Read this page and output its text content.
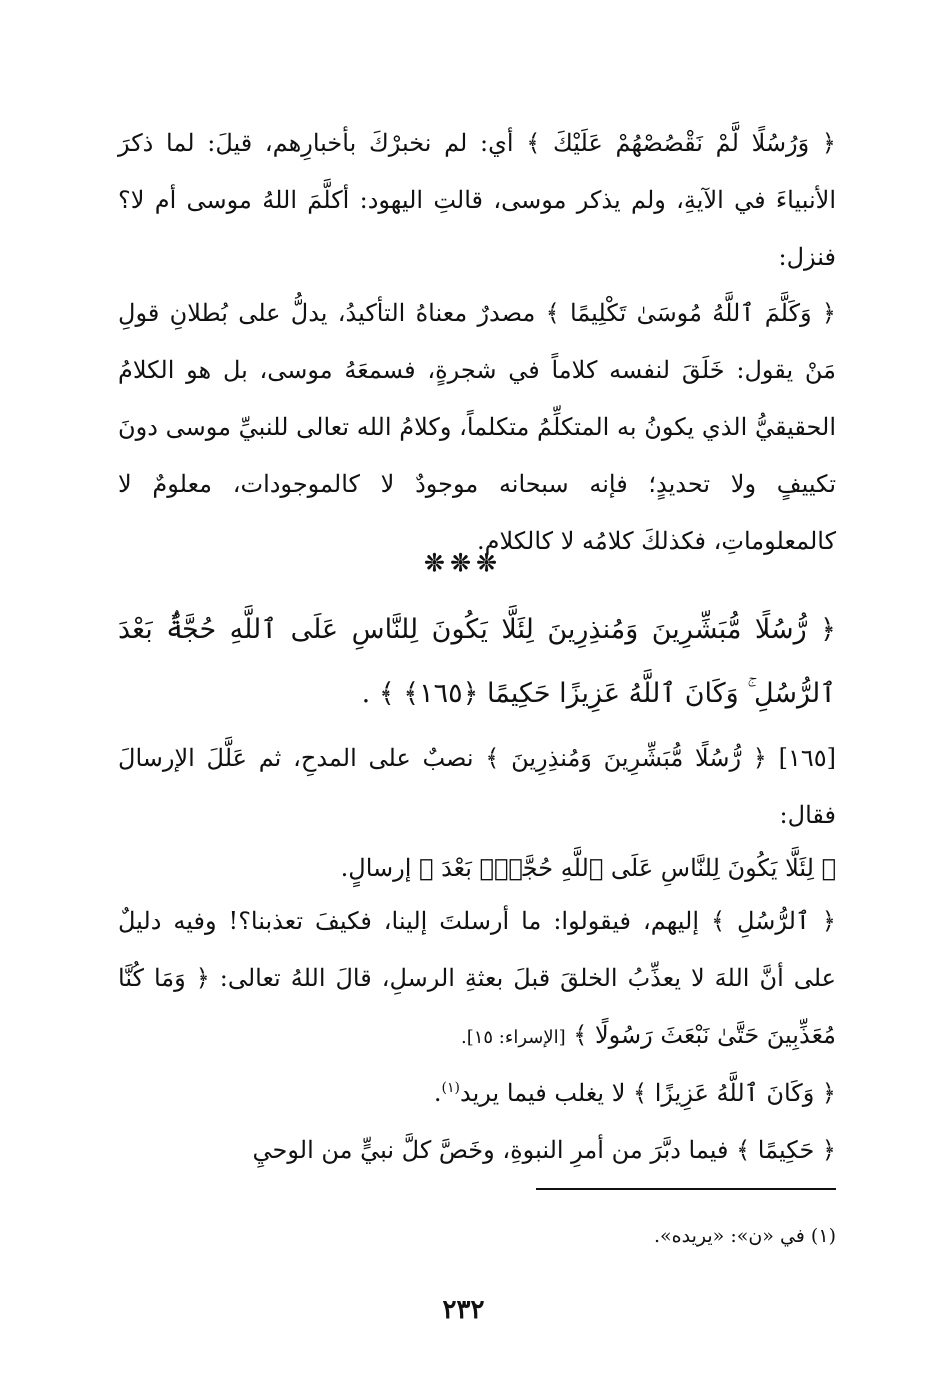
﴿ وَرُسُلًا لَّمْ نَقْصُصْهُمْ عَلَيْكَ ﴾ أي: لم نخبرْكَ بأخبارِهم، قيلَ: لما ذكرَ الأنبياءَ في الآيةِ، ولم يذكر موسى، قالتِ اليهود: أكلَّمَ اللهُ موسى أم لا؟ فنزل:

﴿ وَكَلَّمَ ٱللَّهُ مُوسَىٰ تَكْلِيمًا ﴾ مصدرٌ معناهُ التأكيدُ، يدلُّ على بُطلانِ قولِ مَنْ يقول: خَلَقَ لنفسه كلاماً في شجرةٍ، فسمعَهُ موسى، بل هو الكلامُ الحقيقيُّ الذي يكونُ به المتكلِّمُ متكلماً، وكلامُ الله تعالى للنبيِّ موسى دونَ تكييفٍ ولا تحديدٍ؛ فإنه سبحانه موجودٌ لا كالموجودات، معلومٌ لا كالمعلوماتِ، فكذلكَ كلامُه لا كالكلام.

❊❊❊

﴿ رُّسُلًا مُّبَشِّرِينَ وَمُنذِرِينَ لِئَلَّا يَكُونَ لِلنَّاسِ عَلَى ٱللَّهِ حُجَّةٌۢ بَعْدَ ٱلرُّسُلِ ۚ وَكَانَ ٱللَّهُ عَزِيزًا حَكِيمًا ﴿١٦٥﴾ ﴾ .

[١٦٥] ﴿ رُّسُلًا مُّبَشِّرِينَ وَمُنذِرِينَ ﴾ نصبٌ على المدحِ، ثم عَلَّلَ الإرسالَ فقال:

﴿ لِئَلَّا يَكُونَ لِلنَّاسِ عَلَى ٱللَّهِ حُجَّةٌۢ بَعْدَ ﴾ إرسالٍ.

﴿ ٱلرُّسُلِ ﴾ إليهم، فيقولوا: ما أرسلتَ إلينا، فكيفَ تعذبنا؟! وفيه دليلٌ على أنَّ اللهَ لا يعذِّبُ الخلقَ قبلَ بعثةِ الرسلِ، قالَ اللهُ تعالى: ﴿ وَمَا كُنَّا مُعَذِّبِينَ حَتَّىٰ نَبْعَثَ رَسُولًا ﴾ [الإسراء: ١٥].

﴿ وَكَانَ ٱللَّهُ عَزِيزًا ﴾ لا يغلب فيما يريد$^{(١)}$.

﴿ حَكِيمًا ﴾ فيما دبَّرَ من أمرِ النبوةِ، وخَصَّ كلَّ نبيٍّ من الوحيِ

(١) في «ن»: «يريده».
٢٣٢
